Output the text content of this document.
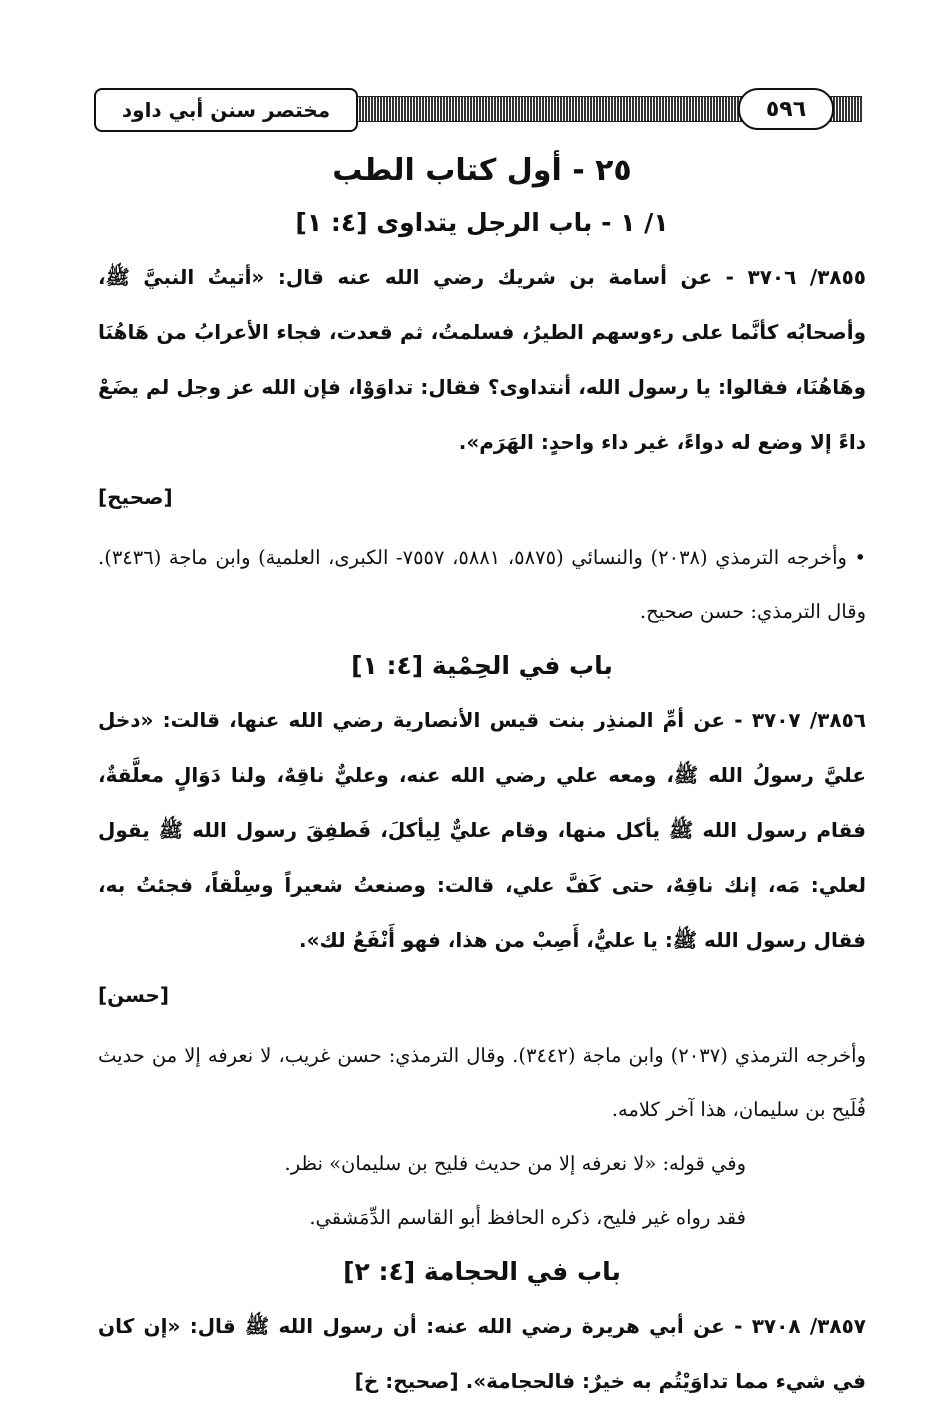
مختصر سنن أبي داود	٥٩٦
٢٥ - أول كتاب الطب
١/ ١ - باب الرجل يتداوى [٤: ١]

٣٨٥٥/ ٣٧٠٦ - عن أسامة بن شريك رضي الله عنه قال: «أتيتُ النبيَّ ﷺ، وأصحابُه كأنَّما على رءوسهم الطيرُ، فسلمتُ، ثم قعدت، فجاء الأعرابُ من هَاهُنَا وهَاهُنَا، فقالوا: يا رسول الله، أنتداوى؟ فقال: تداوَوْا، فإن الله عز وجل لم يضَعْ داءً إلا وضع له دواءً، غير داء واحدٍ: الهَرَم».

[صحيح]

• وأخرجه الترمذي (٢٠٣٨) والنسائي (٥٨٧٥، ٥٨٨١، ٧٥٥٧- الكبرى، العلمية) وابن ماجة (٣٤٣٦). وقال الترمذي: حسن صحيح.

باب في الحِمْية [٤: ١]

٣٨٥٦/ ٣٧٠٧ - عن أمِّ المنذِر بنت قيس الأنصارية رضي الله عنها، قالت: «دخل عليَّ رسولُ الله ﷺ، ومعه علي رضي الله عنه، وعليٌّ ناقِهٌ، ولنا دَوَالٍ معلَّقةٌ، فقام رسول الله ﷺ يأكل منها، وقام عليٌّ لِيأكلَ، فَطفِقَ رسول الله ﷺ يقول لعلي: مَه، إنك ناقِهٌ، حتى كَفَّ علي، قالت: وصنعتُ شعيراً وسِلْقاً، فجئتُ به، فقال رسول الله ﷺ: يا عليُّ، أَصِبْ من هذا، فهو أَنْفَعُ لك».

[حسن]

وأخرجه الترمذي (٢٠٣٧) وابن ماجة (٣٤٤٢). وقال الترمذي: حسن غريب، لا نعرفه إلا من حديث فُلَيح بن سليمان، هذا آخر كلامه.

وفي قوله: «لا نعرفه إلا من حديث فليح بن سليمان» نظر.

فقد رواه غير فليح، ذكره الحافظ أبو القاسم الدِّمَشقي.

باب في الحجامة [٤: ٢]

٣٨٥٧/ ٣٧٠٨ - عن أبي هريرة رضي الله عنه: أن رسول الله ﷺ قال: «إن كان في شيء مما تداوَيْتُم به خيرٌ: فالحجامة». [صحيح: خ]
